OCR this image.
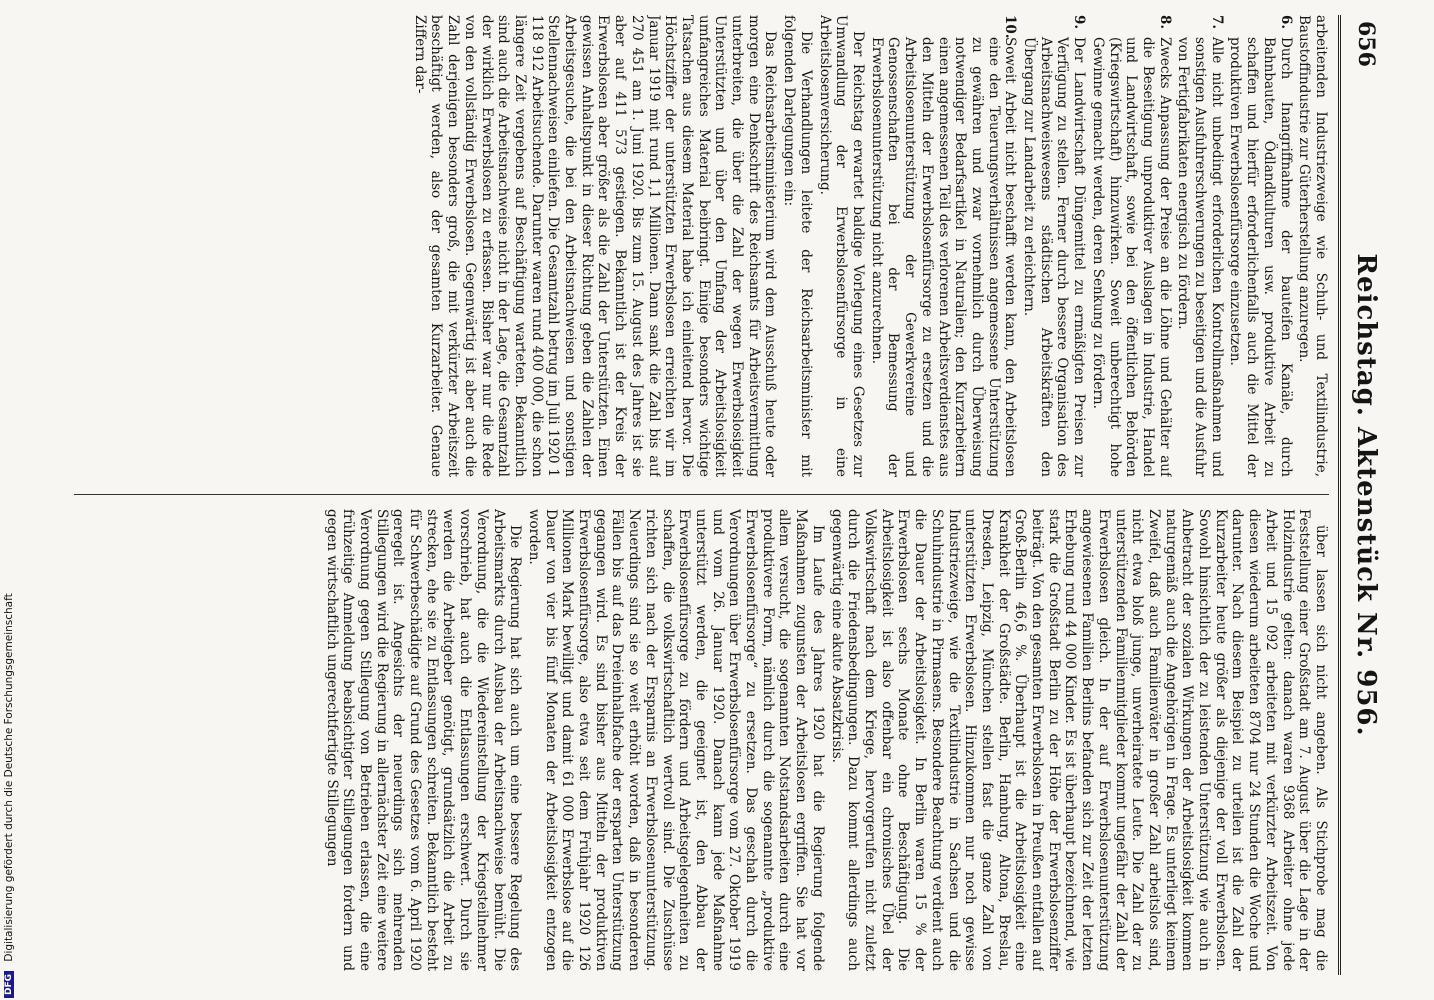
656
Reichstag. Aktenstück Nr. 956.

arbeitenden Industriezweige wie Schuh- und Textilindustrie, Baustoffindustrie zur Güterherstellung anzuregen.

6.Durch Inangriffnahme der bauteifen Kanäle, durch Bahnbauten, Ödlandkulturen usw. produktive Arbeit zu schaffen und hierfür erforderlichenfalls auch die Mittel der produktiven Erwerbslosenfürsorge einzusetzen.

7.Alle nicht unbedingt erforderlichen Kontrollmaßnahmen und sonstigen Ausfuhrerschwerungen zu beseitigen und die Ausfuhr von Fertigfabrikaten energisch zu fördern.

8.Zwecks Anpassung der Preise an die Löhne und Gehälter auf die Beseitigung unproduktiver Auslagen in Industrie, Handel und Landwirtschaft, sowie bei den öffentlichen Behörden (Kriegswirtschaft) hinzuwirken. Soweit unberechtigt hohe Gewinne gemacht werden, deren Senkung zu fördern.

9.Der Landwirtschaft Düngemittel zu ermäßigten Preisen zur Verfügung zu stellen. Ferner durch bessere Organisation des Arbeitsnachweiswesens städtischen Arbeitskräften den Übergang zur Landarbeit zu erleichtern.

10.Soweit Arbeit nicht beschafft werden kann, den Arbeitslosen eine den Teuerungsverhältnissen angemessene Unterstützung zu gewähren und zwar vornehmlich durch Überweisung notwendiger Bedarfsartikel in Naturalien; den Kurzarbeitern einen angemessenen Teil des verlorenen Arbeitsverdienstes aus den Mitteln der Erwerbslosenfürsorge zu ersetzen und die Arbeitslosenunterstützung der Gewerkvereine und Genossenschaften bei der Bemessung der Erwerbslosenunterstützung nicht anzurechnen.

Der Reichstag erwartet baldige Vorlegung eines Gesetzes zur Umwandlung der Erwerbslosenfürsorge in eine Arbeitslosenversicherung.

Die Verhandlungen leitete der Reichsarbeitsminister mit folgenden Darlegungen ein:

Das Reichsarbeitsministerium wird dem Ausschuß heute oder morgen eine Denkschrift des Reichsamts für Arbeitsvermittlung unterbreiten, die über die Zahl der wegen Erwerbslosigkeit Unterstützten und über den Umfang der Arbeitslosigkeit umfangreiches Material beibringt. Einige besonders wichtige Tatsachen aus diesem Material habe ich einleitend hervor. Die Höchstziffer der unterstützten Erwerbslosen erreichten wir im Januar 1919 mit rund 1,1 Millionen. Dann sank die Zahl bis auf 270 451 am 1. Juni 1920. Bis zum 15. August des Jahres ist sie aber auf 411 573 gestiegen. Bekanntlich ist der Kreis der Erwerbslosen aber größer als die Zahl der Unterstützten. Einen gewissen Anhaltspunkt in dieser Richtung geben die Zahlen der Arbeitsgesuche, die bei den Arbeitsnachweisen und sonstigen Stellennachweisen einliefen. Die Gesamtzahl betrug im Juli 1920 1 118 912 Arbeitsuchende. Darunter waren rund 400 000, die schon längere Zeit vergebens auf Beschäftigung warteten. Bekanntlich sind auch die Arbeitsnachweise nicht in der Lage, die Gesamtzahl der wirklich Erwerbslosen zu erfassen. Bisher war nur die Rede von den vollständig Erwerbslosen. Gegenwärtig ist aber auch die Zahl derjenigen besonders groß, die mit verkürzter Arbeitszeit beschäftigt werden, also der gesamten Kurzarbeiter. Genaue Ziffern dar-

über lassen sich nicht angeben. Als Stichprobe mag die Feststellung einer Großstadt am 7. August über die Lage in der Holzindustrie gelten: danach waren 9368 Arbeiter ohne jede Arbeit und 15 092 arbeiteten mit verkürzter Arbeitszeit. Von diesen wiederum arbeiteten 8704 nur 24 Stunden die Woche und darunter. Nach diesem Beispiel zu urteilen ist die Zahl der Kurzarbeiter heute größer als diejenige der voll Erwerbslosen. Sowohl hinsichtlich der zu leistenden Unterstützung wie auch in Anbetracht der sozialen Wirkungen der Arbeitslosigkeit kommen naturgemäß auch die Angehörigen in Frage. Es unterliegt keinem Zweifel, daß auch Familienväter in großer Zahl arbeitslos sind, nicht etwa bloß junge, unverheiratete Leute. Die Zahl der zu unterstützenden Familienmitglieder kommt ungefähr der Zahl der Erwerbslosen gleich. In der auf Erwerbslosenunterstützung angewiesenen Familien Berlins befanden sich zur Zeit der letzten Erhebung rund 44 000 Kinder. Es ist überhaupt bezeichnend, wie stark die Großstadt Berlin zu der Höhe der Erwerbslosenziffer beiträgt. Von den gesamten Erwerbslosen in Preußen entfallen auf Groß-Berlin 46,6 %. Überhaupt ist die Arbeitslosigkeit eine Krankheit der Großstädte. Berlin, Hamburg, Altona, Breslau, Dresden, Leipzig, München stellen fast die ganze Zahl von unterstützten Erwerbslosen. Hinzukommen nur noch gewisse Industriezweige, wie die Textilindustrie in Sachsen und die Schuhindustrie in Pirmasens. Besondere Beachtung verdient auch die Dauer der Arbeitslosigkeit. In Berlin waren 15 % der Erwerbslosen sechs Monate ohne Beschäftigung. Die Arbeitslosigkeit ist also offenbar ein chronisches Übel der Volkswirtschaft nach dem Kriege, hervorgerufen nicht zuletzt durch die Friedensbedingungen. Dazu kommt allerdings auch gegenwärtig eine akute Absatzkrisis.

Im Laufe des Jahres 1920 hat die Regierung folgende Maßnahmen zugunsten der Arbeitslosen ergriffen. Sie hat vor allem versucht, die sogenannten Notstandsarbeiten durch eine produktivere Form, nämlich durch die sogenannte „produktive Erwerbslosenfürsorge“ zu ersetzen. Das geschah durch die Verordnungen über Erwerbslosenfürsorge vom 27. Oktober 1919 und vom 26. Januar 1920. Danach kann jede Maßnahme unterstützt werden, die geeignet ist, den Abbau der Erwerbslosenfürsorge zu fördern und Arbeitsgelegenheiten zu schaffen, die volkswirtschaftlich wertvoll sind. Die Zuschüsse richten sich nach der Ersparnis an Erwerbslosenunterstützung. Neuerdings sind sie so weit erhöht worden, daß in besonderen Fällen bis auf das Dreieinhalbfache der ersparten Unterstützung gegangen wird. Es sind bisher aus Mitteln der produktiven Erwerbslosenfürsorge, also etwa seit dem Frühjahr 1920 126 Millionen Mark bewilligt und damit 61 000 Erwerbslose auf die Dauer von vier bis fünf Monaten der Arbeitslosigkeit entzogen worden.

Die Regierung hat sich auch um eine bessere Regelung des Arbeitsmarkts durch Ausbau der Arbeitsnachweise bemüht. Die Verordnung, die die Wiedereinstellung der Kriegsteilnehmer vorschrieb, hat auch die Entlassungen erschwert. Durch sie werden die Arbeitgeber genötigt, grundsätzlich die Arbeit zu strecken, ehe sie zu Entlassungen schreiten. Bekanntlich besteht für Schwerbeschädigte auf Grund des Gesetzes vom 6. April 1920 geregelt ist. Angesichts der neuerdings sich mehrenden Stillegungen wird die Regierung in allernächster Zeit eine weitere Verordnung gegen Stillegung von Betrieben erlassen, die eine frühzeitige Anmeldung beabsichtigter Stillegungen fordern und gegen wirtschaftlich ungerechtfertigte Stillegungen

DFG Digitalisierung gefördert durch die Deutsche Forschungsgemeinschaft
